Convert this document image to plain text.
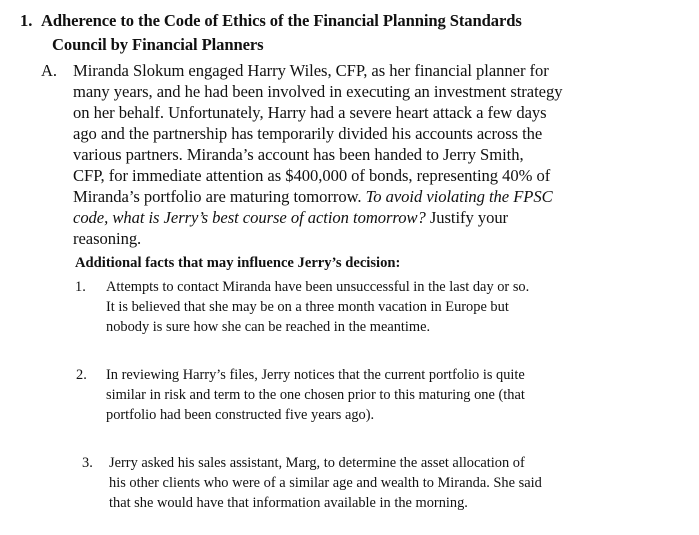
1. Adherence to the Code of Ethics of the Financial Planning Standards

Council by Financial Planners

A. Miranda Slokum engaged Harry Wiles, CFP, as her financial planner for

many years, and he had been involved in executing an investment strategy

on her behalf. Unfortunately, Harry had a severe heart attack a few days

ago and the partnership has temporarily divided his accounts across the

various partners. Miranda’s account has been handed to Jerry Smith,

CFP, for immediate attention as $400,000 of bonds, representing 40% of

Miranda’s portfolio are maturing tomorrow. To avoid violating the FPSC

code, what is Jerry’s best course of action tomorrow? Justify your

reasoning.

Additional facts that may influence Jerry’s decision:

1. Attempts to contact Miranda have been unsuccessful in the last day or so.

It is believed that she may be on a three month vacation in Europe but

nobody is sure how she can be reached in the meantime.

2. In reviewing Harry’s files, Jerry notices that the current portfolio is quite

similar in risk and term to the one chosen prior to this maturing one (that

portfolio had been constructed five years ago).

3. Jerry asked his sales assistant, Marg, to determine the asset allocation of

his other clients who were of a similar age and wealth to Miranda. She said

that she would have that information available in the morning.
